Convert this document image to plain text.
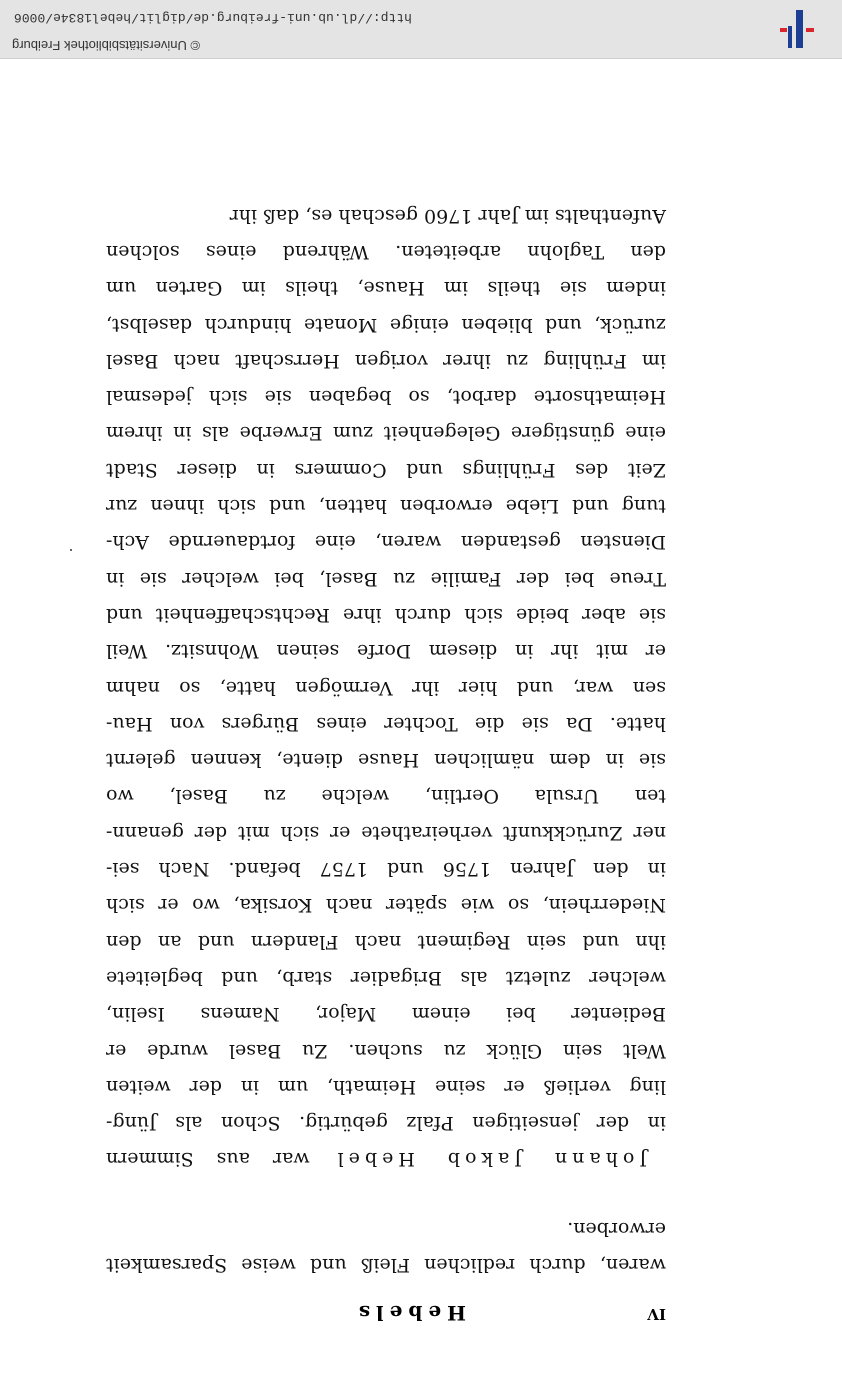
IV
Hebels
waren, durch redlichen Fleiß und weise Sparsamkeit
erworben.
 Johann Jakob Hebel war aus Simmern
in der jenseitigen Pfalz gebürtig. Schon als Jüng-
ling verließ er seine Heimath, um in der weiten
Welt sein Glück zu suchen. Zu Basel wurde er
Bedienter bei einem Major, Namens Iselin,
welcher zuletzt als Brigadier starb, und begleitete
ihn und sein Regiment nach Flandern und an den
Niederrhein, so wie später nach Korsika, wo er sich
in den Jahren 1756 und 1757 befand. Nach sei-
ner Zurückkunft verheirathete er sich mit der genann-
ten Ursula Oertlin, welche zu Basel, wo
sie in dem nämlichen Hause diente, kennen gelernt
hatte. Da sie die Tochter eines Bürgers von Hau-
sen war, und hier ihr Vermögen hatte, so nahm
er mit ihr in diesem Dorfe seinen Wohnsitz. Weil
sie aber beide sich durch ihre Rechtschaffenheit und
Treue bei der Familie zu Basel, bei welcher sie in
Diensten gestanden waren, eine fortdauernde Ach-
tung und Liebe erworben hatten, und sich ihnen zur
Zeit des Frühlings und Commers in dieser Stadt
eine günstigere Gelegenheit zum Erwerbe als in ihrem
Heimathsorte darbot, so begaben sie sich jedesmal
im Frühling zu ihrer vorigen Herrschaft nach Basel
zurück, und blieben einige Monate hindurch daselbst,
indem sie theils im Hause, theils im Garten um
den Taglohn arbeiteten. Während eines solchen
Aufenthalts im Jahr 1760 geschah es, daß ihr
http://dl.ub.uni-freiburg.de/diglit/hebel1834e/0006
© Universitätsbibliothek Freiburg
